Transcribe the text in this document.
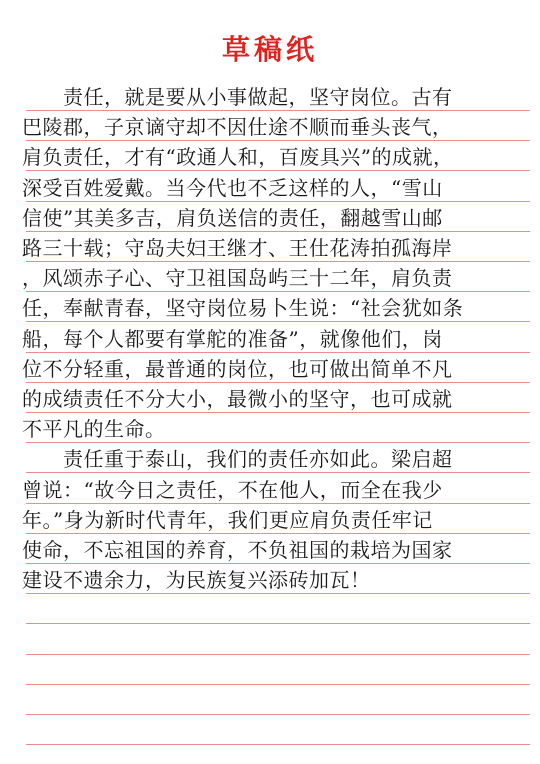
草稿纸
　　责任，就是要从小事做起，坚守岗位。古有
巴陵郡，子京谪守却不因仕途不顺而垂头丧气，
肩负责任，才有“政通人和，百废具兴”的成就，
深受百姓爱戴。当今代也不乏这样的人，“雪山
信使”其美多吉，肩负送信的责任，翻越雪山邮
路三十载；守岛夫妇王继才、王仕花涛拍孤海岸
，风颂赤子心、守卫祖国岛屿三十二年，肩负责
任，奉献青春，坚守岗位易卜生说：“社会犹如条
船，每个人都要有掌舵的准备”，就像他们，岗
位不分轻重，最普通的岗位，也可做出简单不凡
的成绩责任不分大小，最微小的坚守，也可成就
不平凡的生命。
　　责任重于泰山，我们的责任亦如此。梁启超
曾说：“故今日之责任，不在他人，而全在我少
年。”身为新时代青年，我们更应肩负责任牢记
使命，不忘祖国的养育，不负祖国的栽培为国家
建设不遗余力，为民族复兴添砖加瓦！
